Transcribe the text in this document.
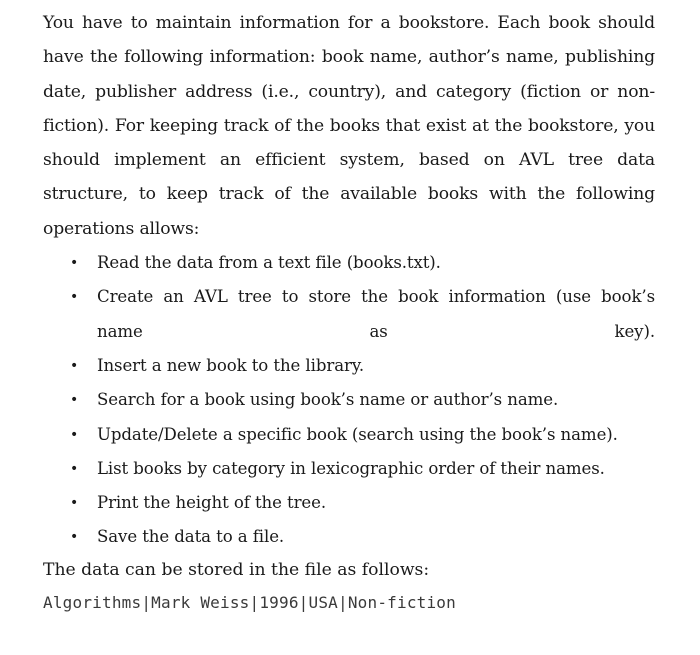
You have to maintain information for a bookstore. Each book should have the following information: book name, author’s name, publishing date, publisher address (i.e., country), and category (fiction or non-fiction). For keeping track of the books that exist at the bookstore, you should implement an efficient system, based on AVL tree data structure, to keep track of the available books with the following operations allows:

• Read the data from a text file (books.txt).
• Create an AVL tree to store the book information (use book’s name as key).
• Insert a new book to the library.
• Search for a book using book’s name or author’s name.
• Update/Delete a specific book (search using the book’s name).
• List books by category in lexicographic order of their names.
• Print the height of the tree.
• Save the data to a file.

The data can be stored in the file as follows:

Algorithms|Mark Weiss|1996|USA|Non-fiction
